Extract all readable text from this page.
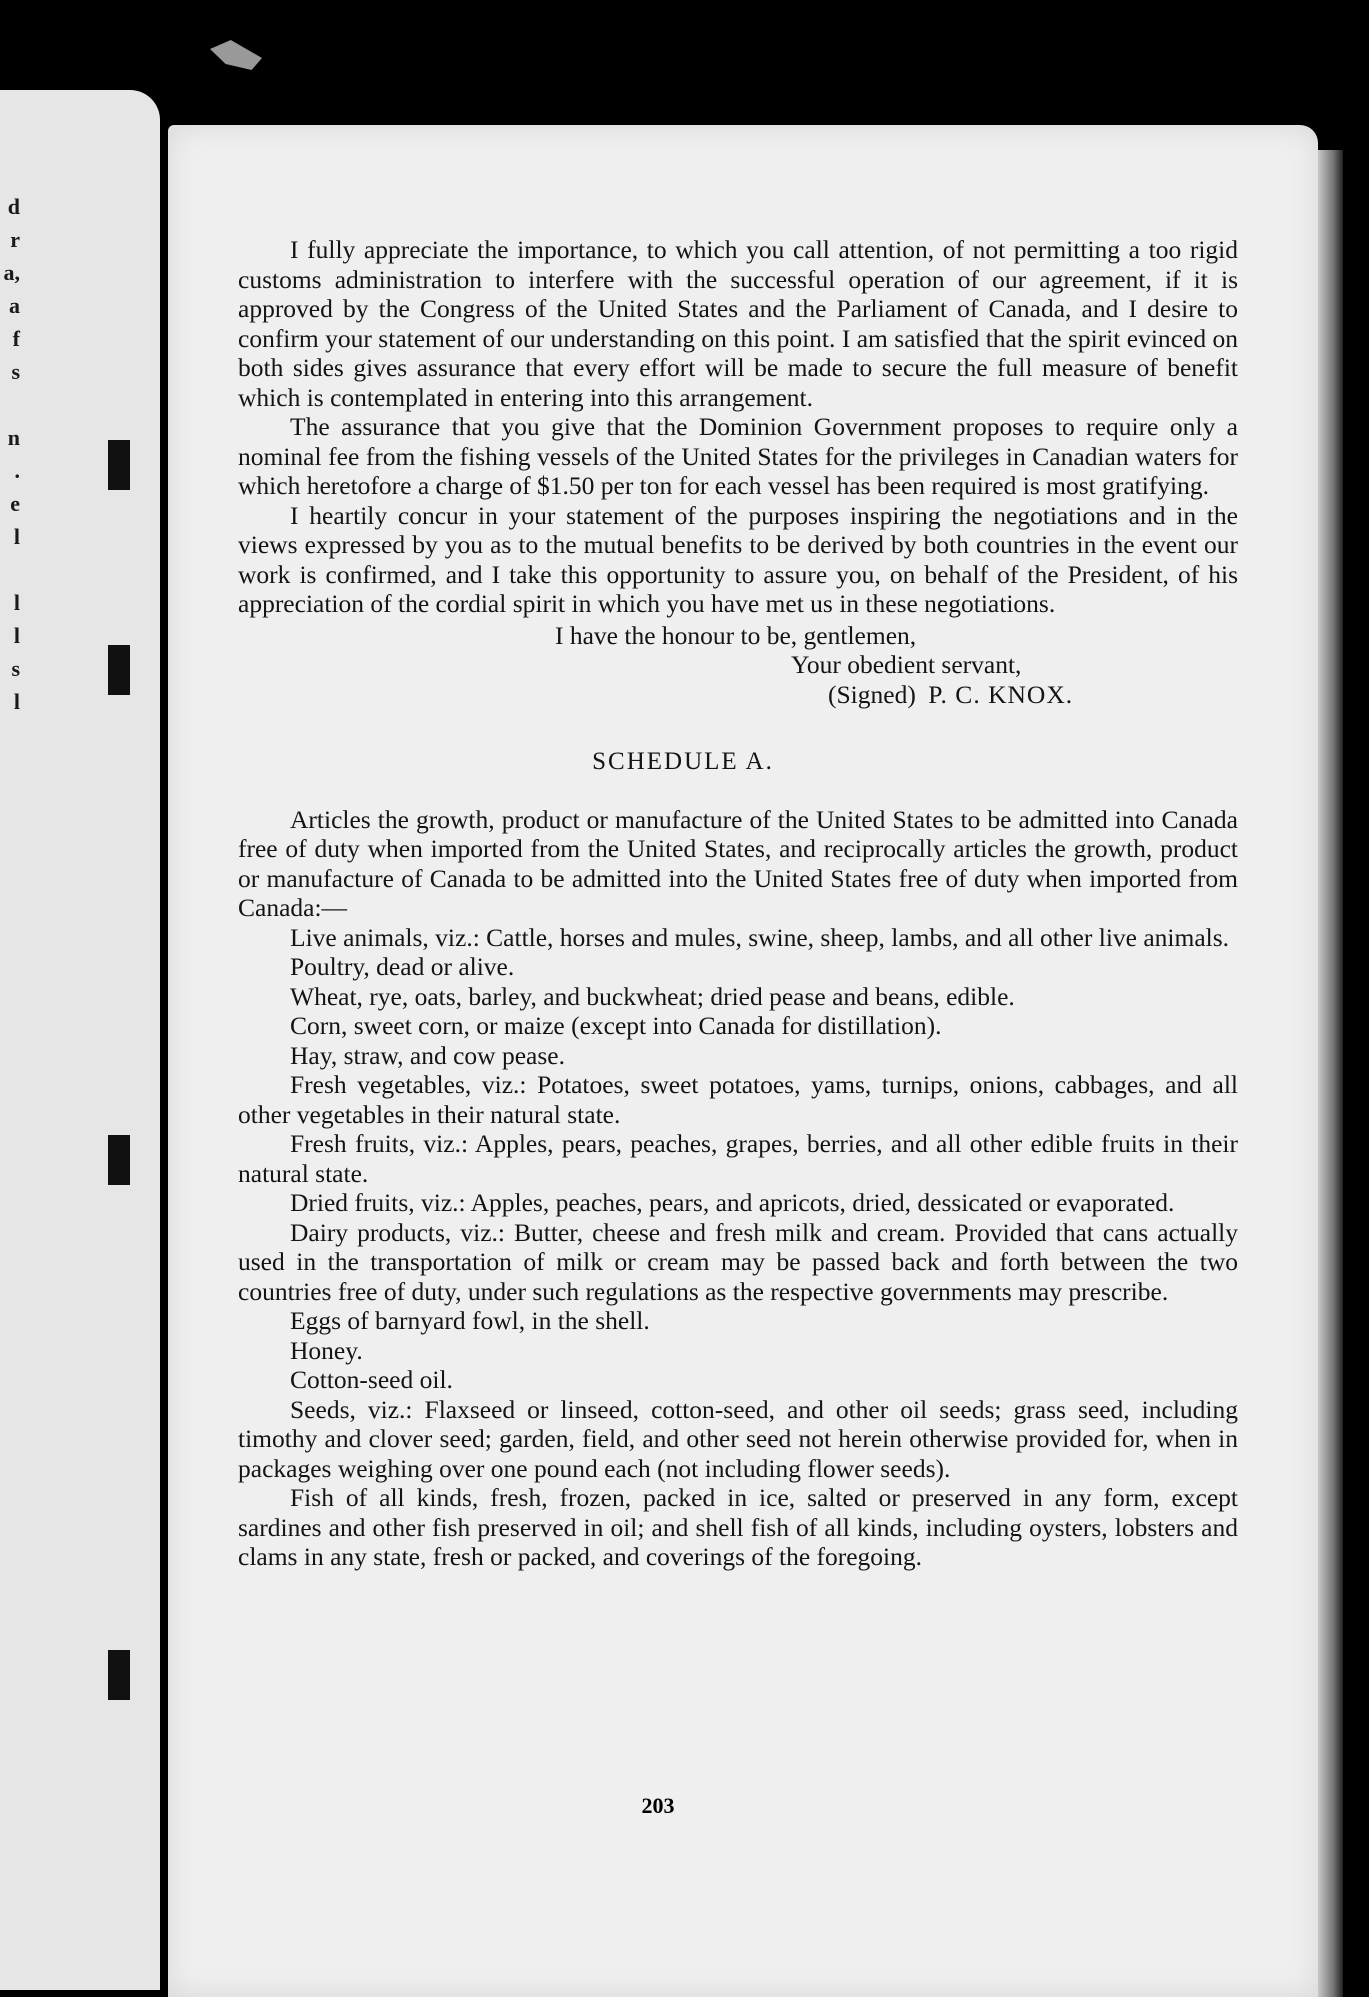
d
r
a,
a
f
s
n
.
e
l
l
l
s
l

I fully appreciate the importance, to which you call attention, of not permitting a too rigid customs administration to interfere with the successful operation of our agreement, if it is approved by the Congress of the United States and the Parliament of Canada, and I desire to confirm your statement of our understanding on this point. I am satisfied that the spirit evinced on both sides gives assurance that every effort will be made to secure the full measure of benefit which is contemplated in entering into this arrangement.

The assurance that you give that the Dominion Government proposes to require only a nominal fee from the fishing vessels of the United States for the privileges in Canadian waters for which heretofore a charge of $1.50 per ton for each vessel has been required is most gratifying.

I heartily concur in your statement of the purposes inspiring the negotiations and in the views expressed by you as to the mutual benefits to be derived by both countries in the event our work is confirmed, and I take this opportunity to assure you, on behalf of the President, of his appreciation of the cordial spirit in which you have met us in these negotiations.

I have the honour to be, gentlemen,

Your obedient servant,

(Signed) P. C. KNOX.

SCHEDULE A.

Articles the growth, product or manufacture of the United States to be admitted into Canada free of duty when imported from the United States, and reciprocally articles the growth, product or manufacture of Canada to be admitted into the United States free of duty when imported from Canada:—

Live animals, viz.: Cattle, horses and mules, swine, sheep, lambs, and all other live animals.

Poultry, dead or alive.

Wheat, rye, oats, barley, and buckwheat; dried pease and beans, edible.

Corn, sweet corn, or maize (except into Canada for distillation).

Hay, straw, and cow pease.

Fresh vegetables, viz.: Potatoes, sweet potatoes, yams, turnips, onions, cabbages, and all other vegetables in their natural state.

Fresh fruits, viz.: Apples, pears, peaches, grapes, berries, and all other edible fruits in their natural state.

Dried fruits, viz.: Apples, peaches, pears, and apricots, dried, dessicated or evaporated.

Dairy products, viz.: Butter, cheese and fresh milk and cream. Provided that cans actually used in the transportation of milk or cream may be passed back and forth between the two countries free of duty, under such regulations as the respective governments may prescribe.

Eggs of barnyard fowl, in the shell.

Honey.

Cotton-seed oil.

Seeds, viz.: Flaxseed or linseed, cotton-seed, and other oil seeds; grass seed, including timothy and clover seed; garden, field, and other seed not herein otherwise provided for, when in packages weighing over one pound each (not including flower seeds).

Fish of all kinds, fresh, frozen, packed in ice, salted or preserved in any form, except sardines and other fish preserved in oil; and shell fish of all kinds, including oysters, lobsters and clams in any state, fresh or packed, and coverings of the foregoing.

203
